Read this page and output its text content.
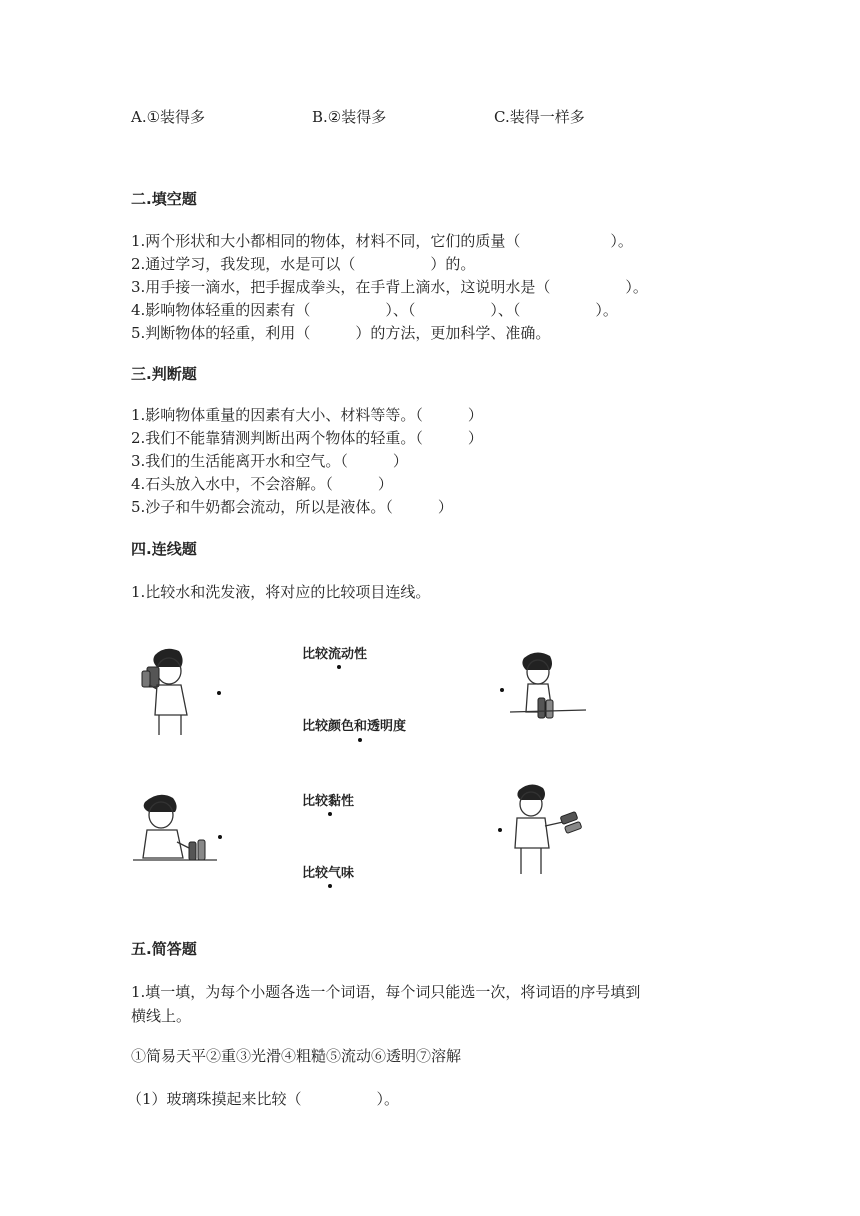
A.①装得多	B.②装得多	C.装得一样多
二.填空题
1.两个形状和大小都相同的物体，材料不同，它们的质量（　　　　　　）。
2.通过学习，我发现，水是可以（　　　　　）的。
3.用手接一滴水，把手握成拳头，在手背上滴水，这说明水是（　　　　　）。
4.影响物体轻重的因素有（　　　　　）、（　　　　　）、（　　　　　）。
5.判断物体的轻重，利用（　　　）的方法，更加科学、准确。
三.判断题
1.影响物体重量的因素有大小、材料等等。（　　　）
2.我们不能靠猜测判断出两个物体的轻重。（　　　）
3.我们的生活能离开水和空气。（　　　）
4.石头放入水中，不会溶解。（　　　）
5.沙子和牛奶都会流动，所以是液体。（　　　）
四.连线题
1.比较水和洗发液，将对应的比较项目连线。
比较流动性
比较颜色和透明度
比较黏性
比较气味
五.简答题
1.填一填，为每个小题各选一个词语，每个词只能选一次，将词语的序号填到
横线上。
①简易天平②重③光滑④粗糙⑤流动⑥透明⑦溶解
（1）玻璃珠摸起来比较（　　　　　）。
